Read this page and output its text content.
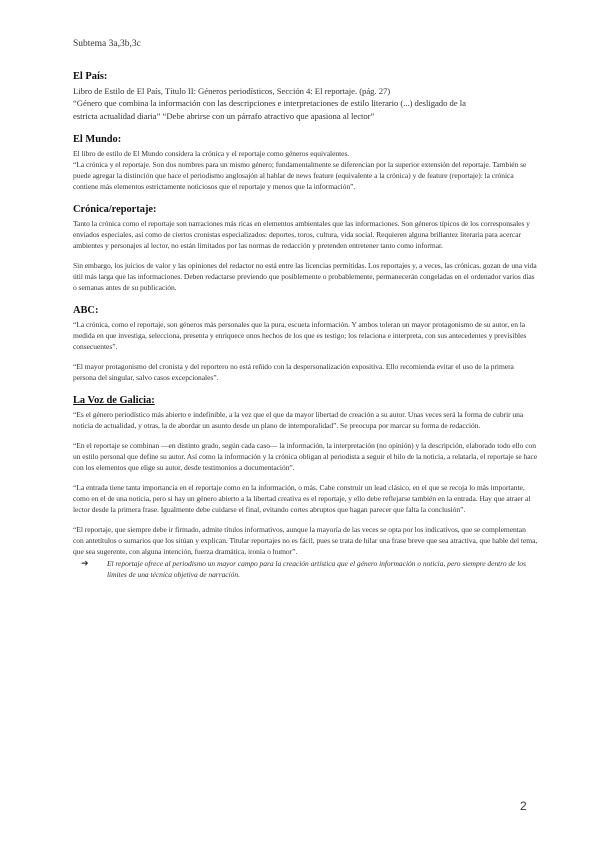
Subtema 3a,3b,3c
El País:
Libro de Estilo de El País, Título II: Géneros periodísticos, Sección 4: El reportaje. (pág. 27)
“Género que combina la información con las descripciones e interpretaciones de estilo literario (...) desligado de la
estricta actualidad diaria” “Debe abrirse con un párrafo atractivo que apasiona al lector”
El Mundo:
El libro de estilo de El Mundo considera la crónica y el reportaje como géneros equivalentes.
“La crónica y el reportaje. Son dos nombres para un mismo género; fundamentalmente se diferencian por la superior extensión del reportaje. También se puede agregar la distinción que hace el periodismo anglosajón al hablar de news feature (equivalente a la crónica) y de feature (reportaje): la crónica contiene más elementos estrictamente noticiosos que el reportaje y menos que la información”.
Crónica/reportaje:
Tanto la crónica como el reportaje son narraciones más ricas en elementos ambientales que las informaciones. Son géneros típicos de los corresponsales y enviados especiales, así como de ciertos cronistas especializados: deportes, toros, cultura, vida social. Requieren alguna brillantez literaria para acercar ambientes y personajes al lector, no están limitados por las normas de redacción y pretenden entretener tanto como informar.
Sin embargo, los juicios de valor y las opiniones del redactor no está entre las licencias permitidas. Los reportajes y, a veces, las crónicas, gozan de una vida útil más larga que las informaciones. Deben redactarse previendo que posiblemente o probablemente, permanecerán congeladas en el ordenador varios días o semanas antes de su publicación.
ABC:
“La crónica, como el reportaje, son géneros más personales que la pura, escueta información. Y ambos toleran un mayor protagonismo de su autor, en la medida en que investiga, selecciona, presenta y enriquece unos hechos de los que es testigo; los relaciona e interpreta, con sus antecedentes y previsibles consecuentes”.
“El mayor protagonismo del cronista y del reportero no está reñido con la despersonalización expositiva. Ello recomienda evitar el uso de la primera persona del singular, salvo casos excepcionales”.
La Voz de Galicia:
“Es el género periodístico más abierto e indefinible, a la vez que el que da mayor libertad de creación a su autor. Unas veces será la forma de cubrir una noticia de actualidad, y otras, la de abordar un asunto desde un plano de intemporalidad”. Se preocupa por marcar su forma de redacción.
“En el reportaje se combinan —en distinto grado, según cada caso— la información, la interpretación (no opinión) y la descripción, elaborado todo ello con un estilo personal que define su autor. Así como la información y la crónica obligan al periodista a seguir el hilo de la noticia, a relatarla, el reportaje se hace con los elementos que elige su autor, desde testimonios a documentación”.
“La entrada tiene tanta importancia en el reportaje como en la información, o más. Cabe construir un lead clásico, en el que se recoja lo más importante, como en el de una noticia, pero si hay un género abierto a la libertad creativa es el reportaje, y ello debe reflejarse también en la entrada. Hay que atraer al lector desde la primera frase. Igualmente debe cuidarse el final, evitando cortes abruptos que hagan parecer que falta la conclusión”.
“El reportaje, que siempre debe ir firmado, admite títulos informativos, aunque la mayoría de las veces se opta por los indicativos, que se complementan con antetítulos o sumarios que los sitúan y explican. Titular reportajes no es fácil, pues se trata de hilar una frase breve que sea atractiva, que hable del tema, que sea sugerente, con alguna intención, fuerza dramática, ironía o humor”.
➔	El reportaje ofrece al periodismo un mayor campo para la creación artística que el género información o noticia, pero siempre dentro de los límites de una técnica objetiva de narración.
2
